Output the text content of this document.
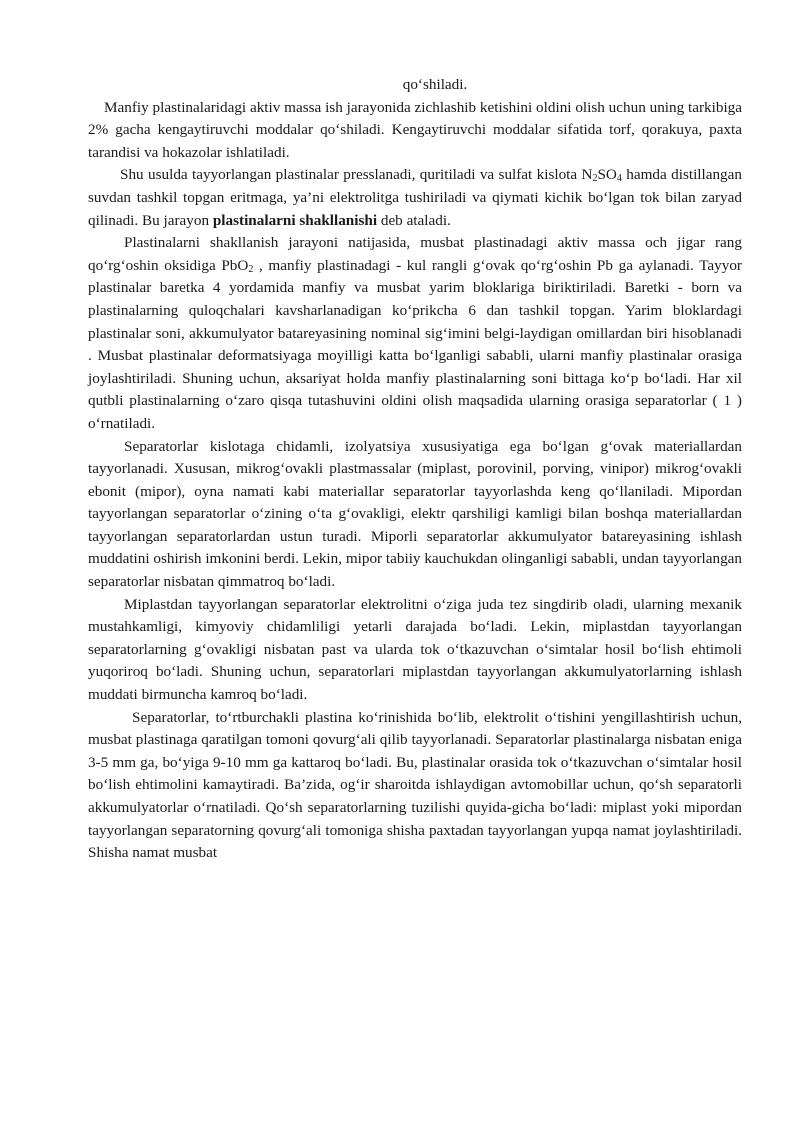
qo‘shiladi.

Manfiy plastinalaridagi aktiv massa ish jarayonida zichlashib ketishini oldini olish uchun uning tarkibiga 2% gacha kengaytiruvchi moddalar qo‘shiladi. Kengaytiruvchi moddalar sifatida torf, qorakuya, paxta tarandisi va hokazolar ishlatiladi.

Shu usulda tayyorlangan plastinalar presslanadi, quritiladi va sulfat kislota $N_2SO_4$ hamda distillangan suvdan tashkil topgan eritmaga, ya’ni elektrolitga tushiriladi va qiymati kichik bo‘lgan tok bilan zaryad qilinadi. Bu jarayon plastinalarni shakllanishi deb ataladi.

Plastinalarni shakllanish jarayoni natijasida, musbat plastinadagi aktiv massa och jigar rang qo‘rg‘oshin oksidiga PbO$_2$ , manfiy plastinadagi - kul rangli g‘ovak qo‘rg‘oshin Pb ga aylanadi. Tayyor plastinalar baretka 4 yordamida manfiy va musbat yarim bloklariga biriktiriladi. Baretki - born va plastinalarning quloqchalari kavsharlanadigan ko‘prikcha 6 dan tashkil topgan. Yarim bloklardagi plastinalar soni, akkumulyator batareyasining nominal sig‘imini belgi-laydigan omillardan biri hisoblanadi . Musbat plastinalar deformatsiyaga moyilligi katta bo‘lganligi sababli, ularni manfiy plastinalar orasiga joylashtiriladi. Shuning uchun, aksariyat holda manfiy plastinalarning soni bittaga ko‘p bo‘ladi. Har xil qutbli plastinalarning o‘zaro qisqa tutashuvini oldini olish maqsadida ularning orasiga separatorlar ( 1 ) o‘rnatiladi.

Separatorlar kislotaga chidamli, izolyatsiya xususiyatiga ega bo‘lgan g‘ovak materiallardan tayyorlanadi. Xususan, mikrog‘ovakli plastmassalar (miplast, porovinil, porving, vinipor) mikrog‘ovakli ebonit (mipor), oyna namati kabi materiallar separatorlar tayyorlashda keng qo‘llaniladi. Mipordan tayyorlangan separatorlar o‘zining o‘ta g‘ovakligi, elektr qarshiligi kamligi bilan boshqa materiallardan tayyorlangan separatorlardan ustun turadi. Miporli separatorlar akkumulyator batareyasining ishlash muddatini oshirish imkonini berdi. Lekin, mipor tabiiy kauchukdan olinganligi sababli, undan tayyorlangan separatorlar nisbatan qimmatroq bo‘ladi.

Miplastdan tayyorlangan separatorlar elektrolitni o‘ziga juda tez singdirib oladi, ularning mexanik mustahkamligi, kimyoviy chidamliligi yetarli darajada bo‘ladi. Lekin, miplastdan tayyorlangan separatorlarning g‘ovakligi nisbatan past va ularda tok o‘tkazuvchan o‘simtalar hosil bo‘lish ehtimoli yuqoriroq bo‘ladi. Shuning uchun, separatorlari miplastdan tayyorlangan akkumulyatorlarning ishlash muddati birmuncha kamroq bo‘ladi.

Separatorlar, to‘rtburchakli plastina ko‘rinishida bo‘lib, elektrolit o‘tishini yengillashtirish uchun, musbat plastinaga qaratilgan tomoni qovurg‘ali qilib tayyorlanadi. Separatorlar plastinalarga nisbatan eniga 3-5 mm ga, bo‘yiga 9-10 mm ga kattaroq bo‘ladi. Bu, plastinalar orasida tok o‘tkazuvchan o‘simtalar hosil bo‘lish ehtimolini kamaytiradi. Ba’zida, og‘ir sharoitda ishlaydigan avtomobillar uchun, qo‘sh separatorli akkumulyatorlar o‘rnatiladi. Qo‘sh separatorlarning tuzilishi quyida-gicha bo‘ladi: miplast yoki mipordan tayyorlangan separatorning qovurg‘ali tomoniga shisha paxtadan tayyorlangan yupqa namat joylashtiriladi. Shisha namat musbat
